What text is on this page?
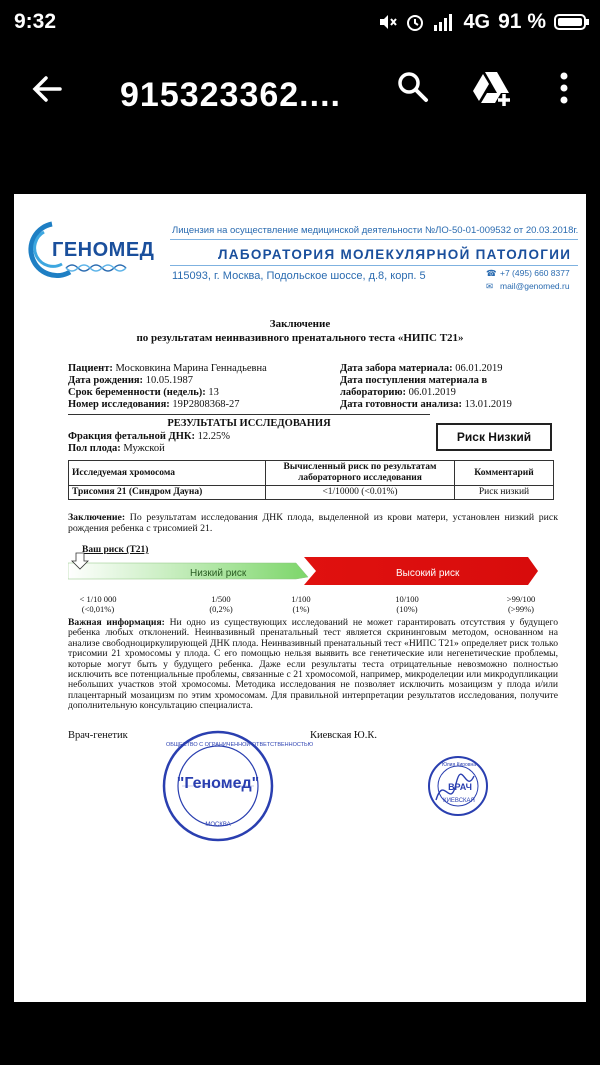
9:32	4G 91 %
915323362....
ГЕНОМЕД
Лицензия на осуществление медицинской деятельности №ЛО-50-01-009532 от 20.03.2018г.
ЛАБОРАТОРИЯ МОЛЕКУЛЯРНОЙ ПАТОЛОГИИ
115093, г. Москва, Подольское шоссе, д.8, корп. 5	☎ +7 (495) 660 8377
✉ mail@genomed.ru
Заключение
по результатам неинвазивного пренатального теста «НИПС Т21»
Пациент: Московкина Марина Геннадьевна
Дата рождения: 10.05.1987
Срок беременности (недель): 13
Номер исследования: 19P2808368-27
Дата забора материала: 06.01.2019
Дата поступления материала в
лабораторию: 06.01.2019
Дата готовности анализа: 13.01.2019
РЕЗУЛЬТАТЫ ИССЛЕДОВАНИЯ
Фракция фетальной ДНК: 12.25%
Пол плода: Мужской
Риск Низкий
Исследуемая хромосома	Вычисленный риск по результатам лабораторного исследования	Комментарий
Трисомия 21 (Синдром Дауна)	<1/10000 (<0.01%)	Риск низкий
Заключение: По результатам исследования ДНК плода, выделенной из крови матери, установлен низкий риск рождения ребенка с трисомией 21.
Ваш риск (Т21)
Низкий риск	Высокий риск
< 1/10 000
(<0,01%)
1/500
(0,2%)
1/100
(1%)
10/100
(10%)
>99/100
(>99%)
Важная информация: Ни одно из существующих исследований не может гарантировать отсутствия у будущего ребенка любых отклонений. Неинвазивный пренатальный тест является скрининговым методом, основанном на анализе свободноциркулирующей ДНК плода. Неинвазивный пренатальный тест «НИПС Т21» определяет риск только трисомии 21 хромосомы у плода. С его помощью нельзя выявить все генетические или негенетические проблемы, которые могут быть у будущего ребенка. Даже если результаты теста отрицательные невозможно полностью исключить все потенциальные проблемы, связанные с 21 хромосомой, например, микроделеции или микродупликации небольших участков этой хромосомы. Методика исследования не позволяет исключить мозаицизм у плода и/или плацентарный мозаицизм по этим хромосомам. Для правильной интерпретации результатов исследования, получите дополнительную консультацию специалиста.
Врач-генетик	Киевская Ю.К.
ОБЩЕСТВО С ОГРАНИЧЕННОЙ ОТВЕТСТВЕННОСТЬЮ
"Геномед"
МОСКВА
Юлия Кировна
ВРАЧ
КИЕВСКАЯ
